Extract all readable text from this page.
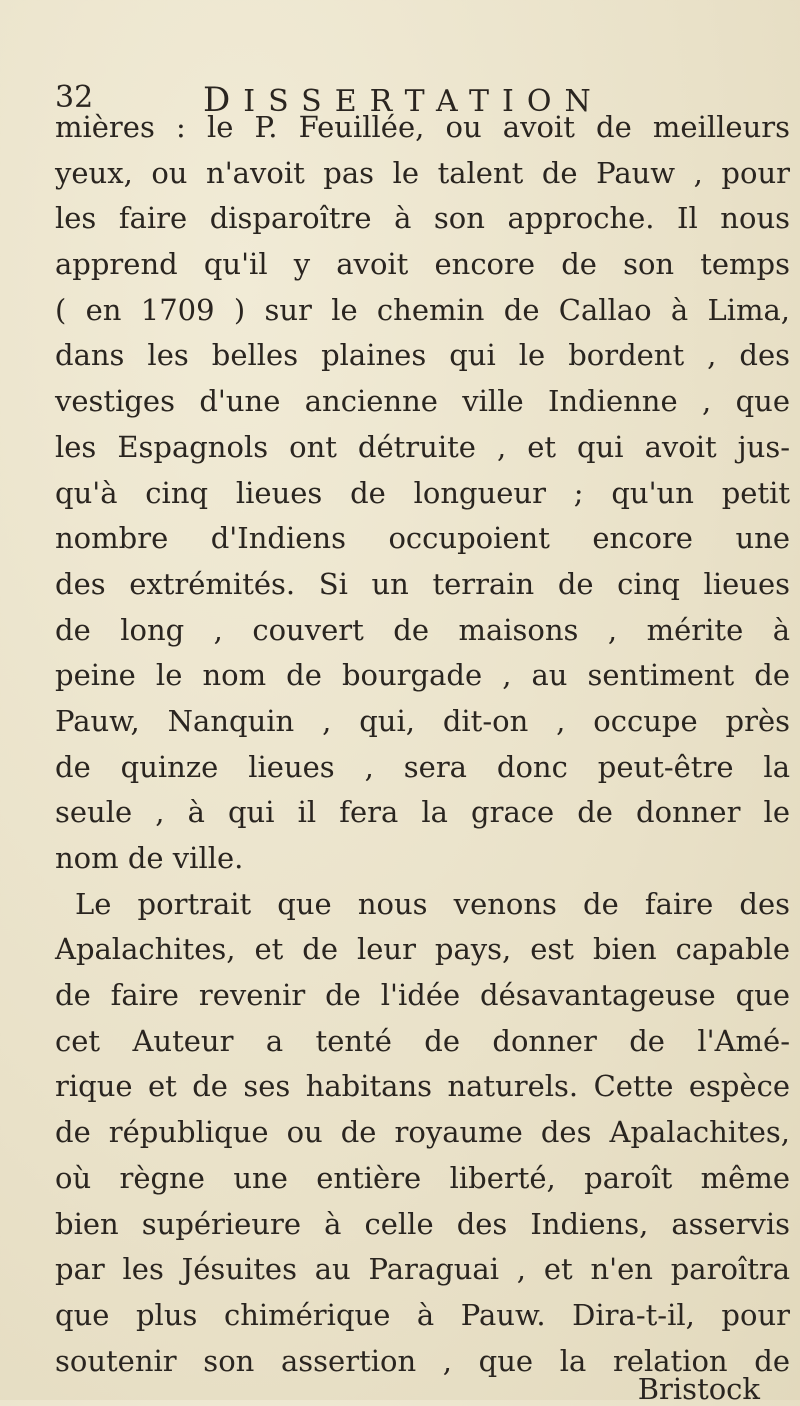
32	DISSERTATION
mières : le P. Feuillée, ou avoit de meilleurs
yeux, ou n'avoit pas le talent de Pauw , pour
les faire disparoître à son approche. Il nous
apprend qu'il y avoit encore de son temps
( en 1709 ) sur le chemin de Callao à Lima,
dans les belles plaines qui le bordent , des
vestiges d'une ancienne ville Indienne , que
les Espagnols ont détruite , et qui avoit jus-
qu'à cinq lieues de longueur ; qu'un petit
nombre d'Indiens occupoient encore une
des extrémités. Si un terrain de cinq lieues
de long , couvert de maisons , mérite à
peine le nom de bourgade , au sentiment de
Pauw, Nanquin , qui, dit-on , occupe près
de quinze lieues , sera donc peut-être la
seule , à qui il fera la grace de donner le
nom de ville.
Le portrait que nous venons de faire des
Apalachites, et de leur pays, est bien capable
de faire revenir de l'idée désavantageuse que
cet Auteur a tenté de donner de l'Amé-
rique et de ses habitans naturels. Cette espèce
de république ou de royaume des Apalachites,
où règne une entière liberté, paroît même
bien supérieure à celle des Indiens, asservis
par les Jésuites au Paraguai , et n'en paroîtra
que plus chimérique à Pauw. Dira-t-il, pour
soutenir son assertion , que la relation de
Bristock
